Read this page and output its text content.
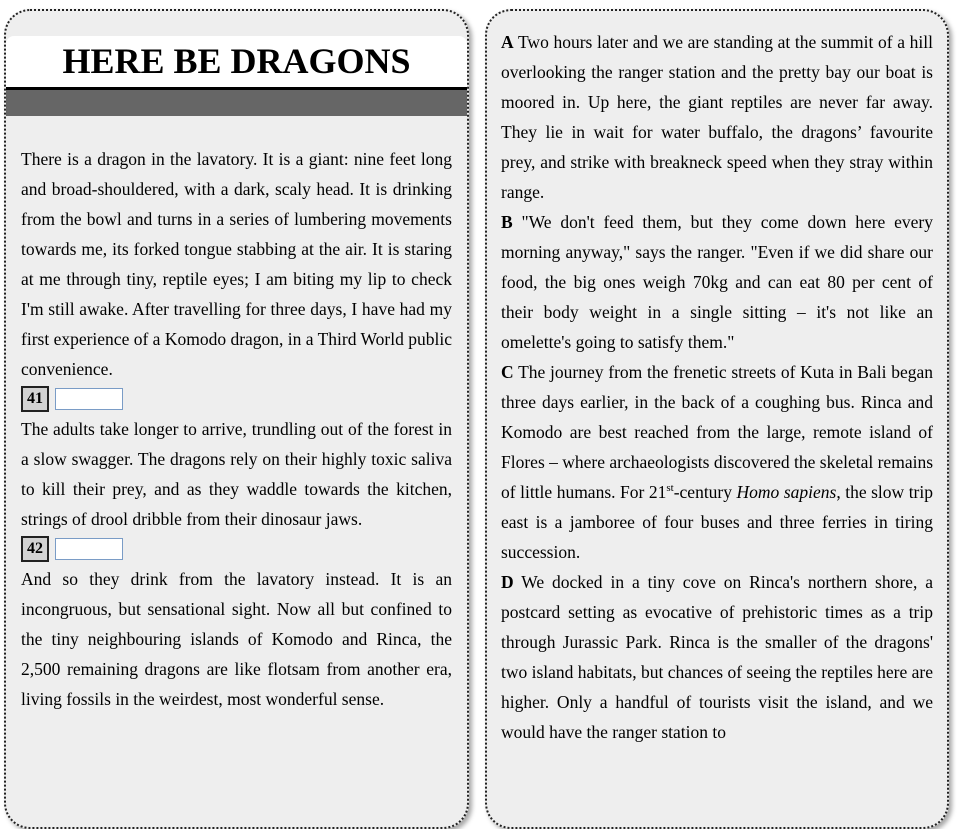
HERE BE DRAGONS

There is a dragon in the lavatory. It is a giant: nine feet long and broad-shouldered, with a dark, scaly head. It is drinking from the bowl and turns in a series of lumbering movements towards me, its forked tongue stabbing at the air. It is staring at me through tiny, reptile eyes; I am biting my lip to check I'm still awake. After travelling for three days, I have had my first experience of a Komodo dragon, in a Third World public convenience.

41

The adults take longer to arrive, trundling out of the forest in a slow swagger. The dragons rely on their highly toxic saliva to kill their prey, and as they waddle towards the kitchen, strings of drool dribble from their dinosaur jaws.

42

And so they drink from the lavatory instead. It is an incongruous, but sensational sight. Now all but confined to the tiny neighbouring islands of Komodo and Rinca, the 2,500 remaining dragons are like flotsam from another era, living fossils in the weirdest, most wonderful sense.

A Two hours later and we are standing at the summit of a hill overlooking the ranger station and the pretty bay our boat is moored in. Up here, the giant reptiles are never far away. They lie in wait for water buffalo, the dragons’ favourite prey, and strike with breakneck speed when they stray within range.

B "We don't feed them, but they come down here every morning anyway," says the ranger. "Even if we did share our food, the big ones weigh 70kg and can eat 80 per cent of their body weight in a single sitting – it's not like an omelette's going to satisfy them."

C The journey from the frenetic streets of Kuta in Bali began three days earlier, in the back of a coughing bus. Rinca and Komodo are best reached from the large, remote island of Flores – where archaeologists discovered the skeletal remains of little humans. For 21st-century Homo sapiens, the slow trip east is a jamboree of four buses and three ferries in tiring succession.

D We docked in a tiny cove on Rinca's northern shore, a postcard setting as evocative of prehistoric times as a trip through Jurassic Park. Rinca is the smaller of the dragons' two island habitats, but chances of seeing the reptiles here are higher. Only a handful of tourists visit the island, and we would have the ranger station to
